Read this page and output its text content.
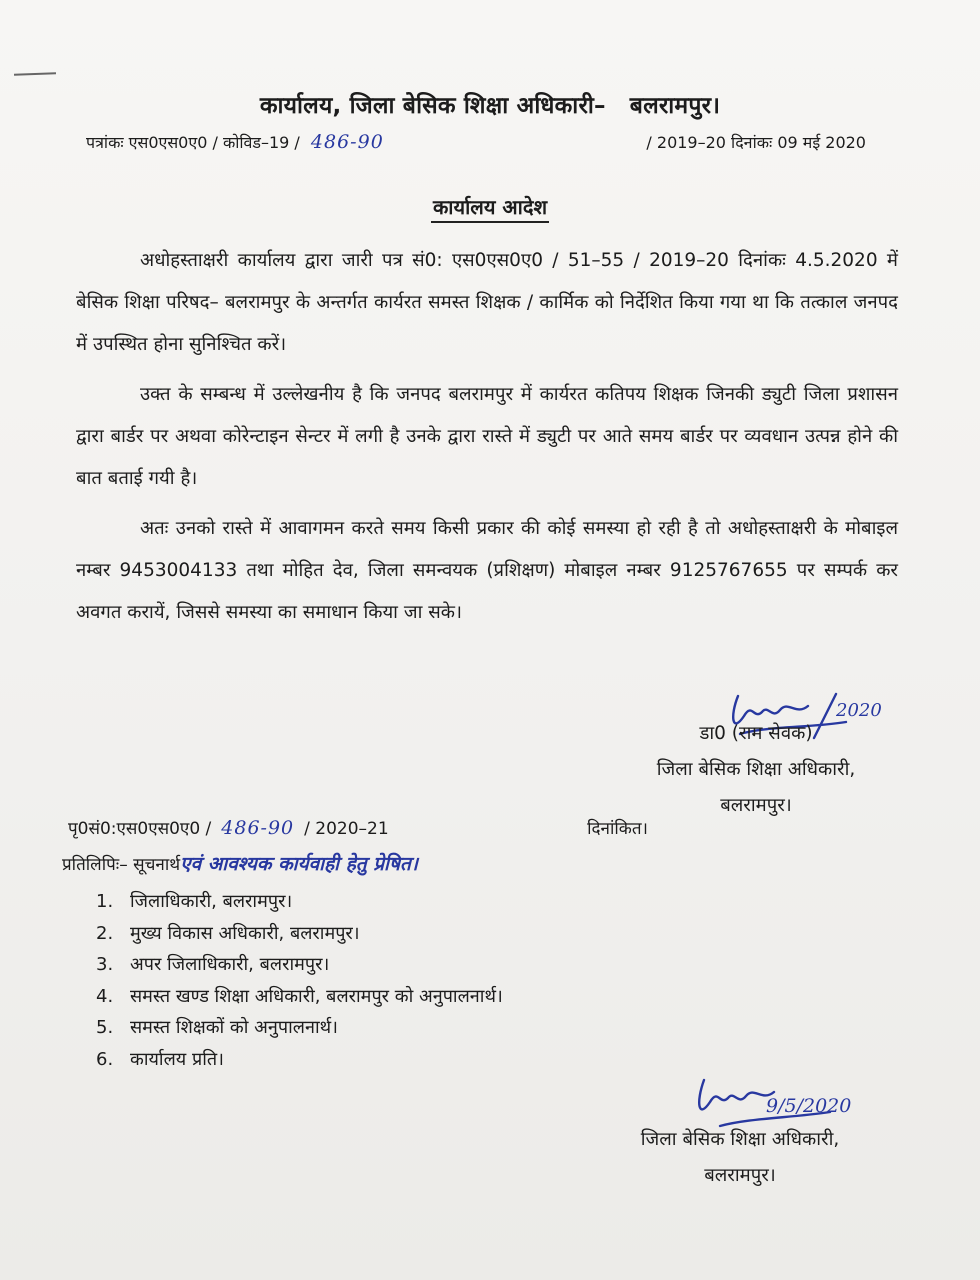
कार्यालय, जिला बेसिक शिक्षा अधिकारी– बलरामपुर।
पत्रांकः एस0एस0ए0 / कोविड–19 / 486-90	/ 2019–20 दिनांकः 09 मई 2020
कार्यालय आदेश
अधोहस्ताक्षरी कार्यालय द्वारा जारी पत्र सं0: एस0एस0ए0 / 51–55 / 2019–20 दिनांकः 4.5.2020 में बेसिक शिक्षा परिषद– बलरामपुर के अन्तर्गत कार्यरत समस्त शिक्षक / कार्मिक को निर्देशित किया गया था कि तत्काल जनपद में उपस्थित होना सुनिश्चित करें।
उक्त के सम्बन्ध में उल्लेखनीय है कि जनपद बलरामपुर में कार्यरत कतिपय शिक्षक जिनकी ड्युटी जिला प्रशासन द्वारा बार्डर पर अथवा कोरेन्टाइन सेन्टर में लगी है उनके द्वारा रास्ते में ड्युटी पर आते समय बार्डर पर व्यवधान उत्पन्न होने की बात बताई गयी है।
अतः उनको रास्ते में आवागमन करते समय किसी प्रकार की कोई समस्या हो रही है तो अधोहस्ताक्षरी के मोबाइल नम्बर 9453004133 तथा मोहित देव, जिला समन्वयक (प्रशिक्षण) मोबाइल नम्बर 9125767655 पर सम्पर्क कर अवगत करायें, जिससे समस्या का समाधान किया जा सके।
2020
डा0 (राम सेवक)
जिला बेसिक शिक्षा अधिकारी,
बलरामपुर।
पृ0सं0:एस0एस0ए0 / 486-90 / 2020–21	दिनांकित।
प्रतिलिपिः– सूचनार्थएवं आवश्यक कार्यवाही हेतु प्रेषित।
1. जिलाधिकारी, बलरामपुर।
2. मुख्य विकास अधिकारी, बलरामपुर।
3. अपर जिलाधिकारी, बलरामपुर।
4. समस्त खण्ड शिक्षा अधिकारी, बलरामपुर को अनुपालनार्थ।
5. समस्त शिक्षकों को अनुपालनार्थ।
6. कार्यालय प्रति।
9/5/2020
जिला बेसिक शिक्षा अधिकारी,
बलरामपुर।
